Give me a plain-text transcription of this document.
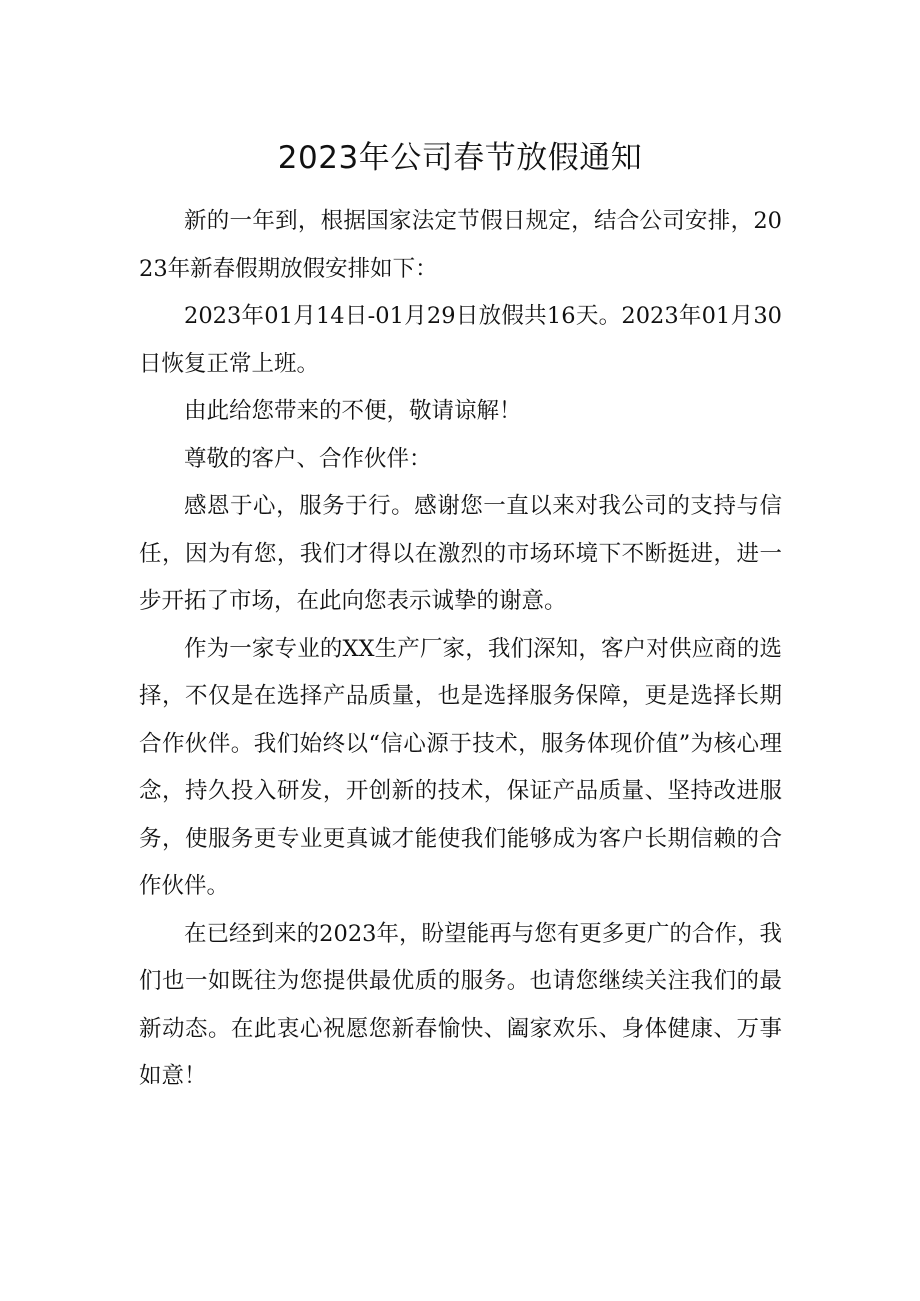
2023年公司春节放假通知

新的一年到，根据国家法定节假日规定，结合公司安排，2023年新春假期放假安排如下：

2023年01月14日-01月29日放假共16天。2023年01月30日恢复正常上班。

由此给您带来的不便，敬请谅解！

尊敬的客户、合作伙伴：

感恩于心，服务于行。感谢您一直以来对我公司的支持与信任，因为有您，我们才得以在激烈的市场环境下不断挺进，进一步开拓了市场，在此向您表示诚挚的谢意。

作为一家专业的XX生产厂家，我们深知，客户对供应商的选择，不仅是在选择产品质量，也是选择服务保障，更是选择长期合作伙伴。我们始终以“信心源于技术，服务体现价值”为核心理念，持久投入研发，开创新的技术，保证产品质量、坚持改进服务，使服务更专业更真诚才能使我们能够成为客户长期信赖的合作伙伴。

在已经到来的2023年，盼望能再与您有更多更广的合作，我们也一如既往为您提供最优质的服务。也请您继续关注我们的最新动态。在此衷心祝愿您新春愉快、阖家欢乐、身体健康、万事如意！
